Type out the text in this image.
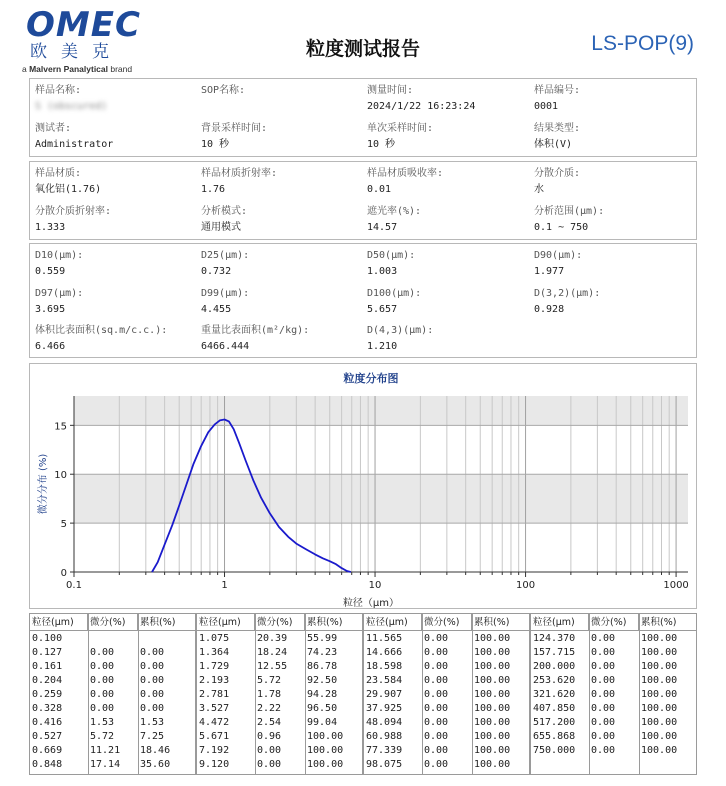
OMEC
欧美克
a Malvern Panalytical brand
粒度测试报告	LS-POP(9)
样品名称:
S (obscured)
SOP名称:	测量时间:
2024/1/22 16:23:24
样品编号:
0001
测试者:
Administrator
背景采样时间:
10 秒
单次采样时间:
10 秒
结果类型:
体积(V)
样品材质:
氧化铝(1.76)
样品材质折射率:
1.76
样品材质吸收率:
0.01
分散介质:
水
分散介质折射率:
1.333
分析模式:
通用模式
遮光率(%):
14.57
分析范围(μm):
0.1 ~ 750
D10(μm):
0.559
D25(μm):
0.732
D50(μm):
1.003
D90(μm):
1.977
D97(μm):
3.695
D99(μm):
4.455
D100(μm):
5.657
D(3,2)(μm):
0.928
体积比表面积(sq.m/c.c.):
6.466
重量比表面积(m²/kg):
6466.444
D(4,3)(μm):
1.210
0.1	1	10	100	1000
0
5
10
15
粒度分布图
粒径（μm）
微分分布 (%)
粒径(μm)	微分(%)	累积(%)
0.100
0.127	0.00	0.00
0.161	0.00	0.00
0.204	0.00	0.00
0.259	0.00	0.00
0.328	0.00	0.00
0.416	1.53	1.53
0.527	5.72	7.25
0.669	11.21 18.46
0.848	17.14 35.60
粒径(μm)	微分(%)	累积(%)
1.075	20.39 55.99
1.364	18.24 74.23
1.729	12.55 86.78
2.193	5.72	92.50
2.781	1.78	94.28
3.527	2.22	96.50
4.472	2.54	99.04
5.671	0.96	100.00
7.192	0.00	100.00
9.120	0.00	100.00
粒径(μm)	微分(%)	累积(%)
11.565 0.00	100.00
14.666 0.00	100.00
18.598 0.00	100.00
23.584 0.00	100.00
29.907 0.00	100.00
37.925 0.00	100.00
48.094 0.00	100.00
60.988 0.00	100.00
77.339 0.00	100.00
98.075 0.00	100.00
粒径(μm)	微分(%)	累积(%)
124.370 0.00	100.00
157.715 0.00	100.00
200.000 0.00	100.00
253.620 0.00	100.00
321.620 0.00	100.00
407.850 0.00	100.00
517.200 0.00	100.00
655.868 0.00	100.00
750.000 0.00	100.00
